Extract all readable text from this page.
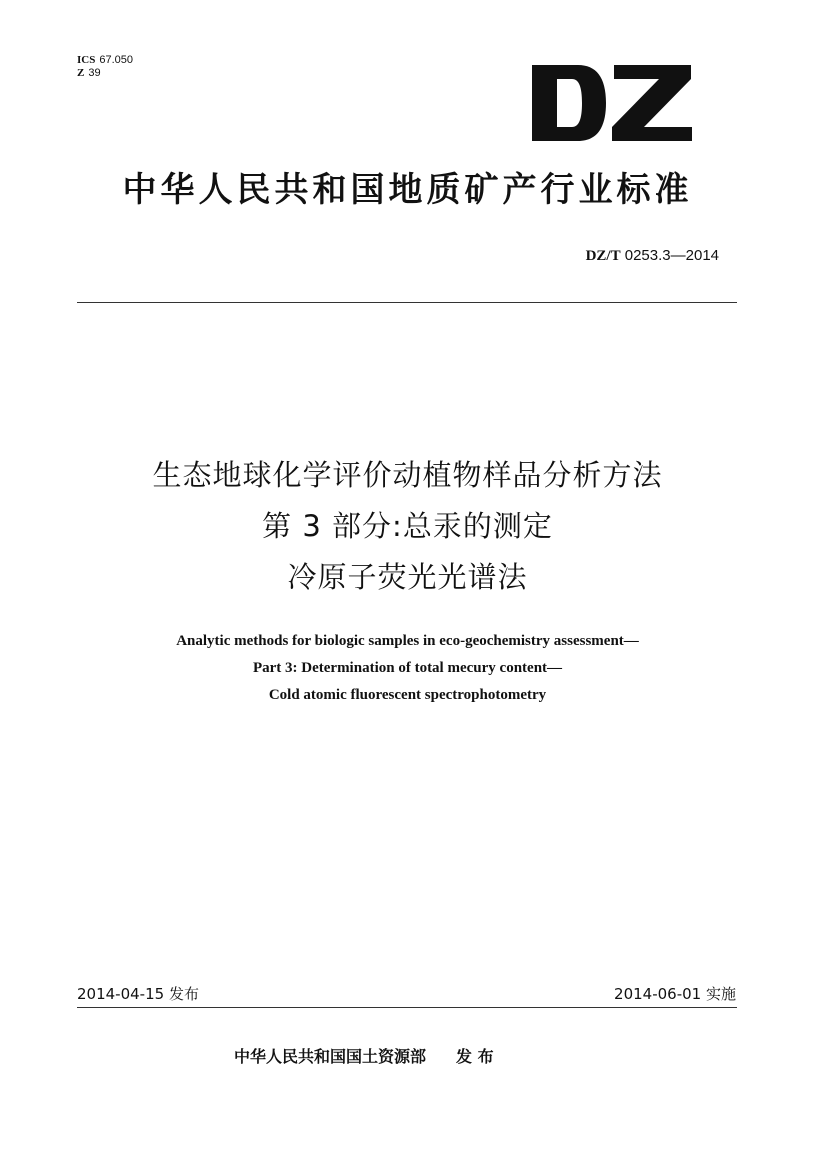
ICS 67.050
Z 39
中华人民共和国地质矿产行业标准
DZ/T 0253.3—2014
生态地球化学评价动植物样品分析方法
第 3 部分:总汞的测定
冷原子荧光光谱法
Analytic methods for biologic samples in eco-geochemistry assessment—
Part 3: Determination of total mecury content—
Cold atomic fluorescent spectrophotometry
2014-04-15 发布	2014-06-01 实施
中华人民共和国国土资源部 发 布
